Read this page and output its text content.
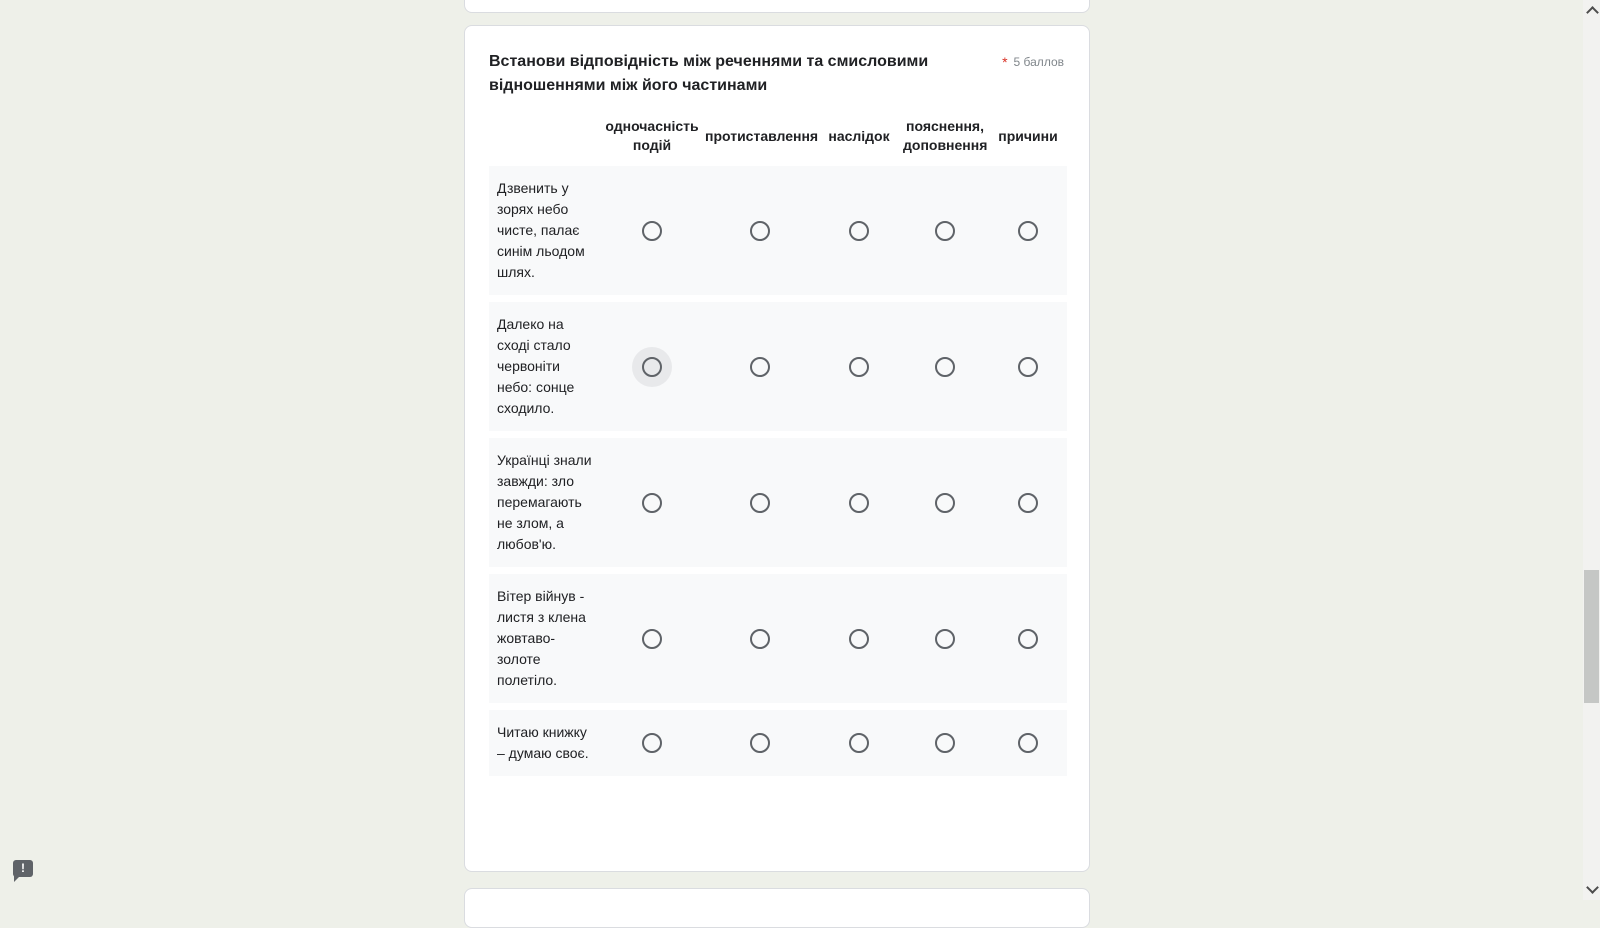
Встанови відповідність між реченнями та смисловими відношеннями між його частинами
* 5 баллов
	одночасність подій	протиставлення	наслідок	пояснення, доповнення	причини
Дзвенить у зорях небо чисте, палає синім льодом шлях.					
Далеко на сході стало червоніти небо: сонце сходило.	

Українці знали завжди: зло перемагають не злом, а любов'ю.					
Вітер війнув - листя з клена жовтаво-золоте полетіло.					
Читаю книжку – думаю своє.					
!
